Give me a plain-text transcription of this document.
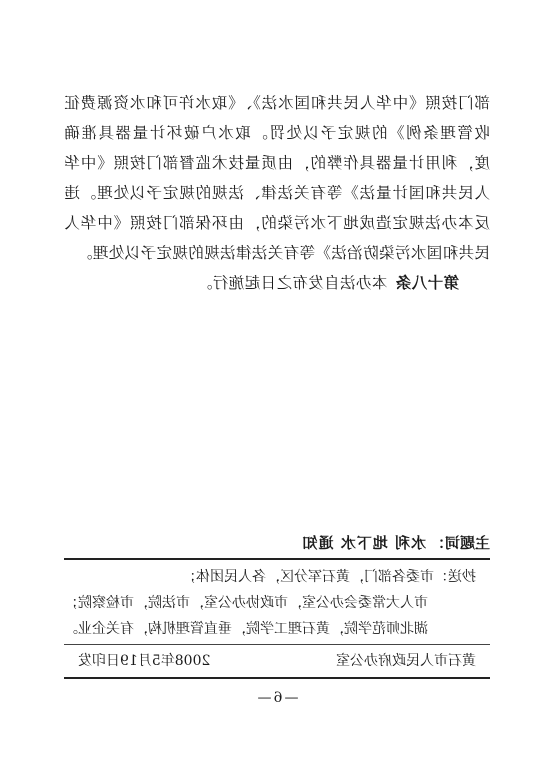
部门按照《中华人民共和国水法》、《取水许可和水资源费征收管理条例》的规定予以处罚。取水户破坏计量器具准确度，利用计量器具作弊的，由质量技术监督部门按照《中华人民共和国计量法》等有关法律、法规的规定予以处理。违反本办法规定造成地下水污染的，由环保部门按照《中华人民共和国水污染防治法》等有关法律法规的规定予以处理。

第十八条本办法自发布之日起施行。

主题词：水利 地下水 通知

抄送：市委各部门，黄石军分区，各人民团体；

市人大常委会办公室，市政协办公室，市法院，市检察院；

湖北师范学院，黄石理工学院，垂直管理机构，有关企业。

黄石市人民政府办公室
2008年5月19日印发
—6—
